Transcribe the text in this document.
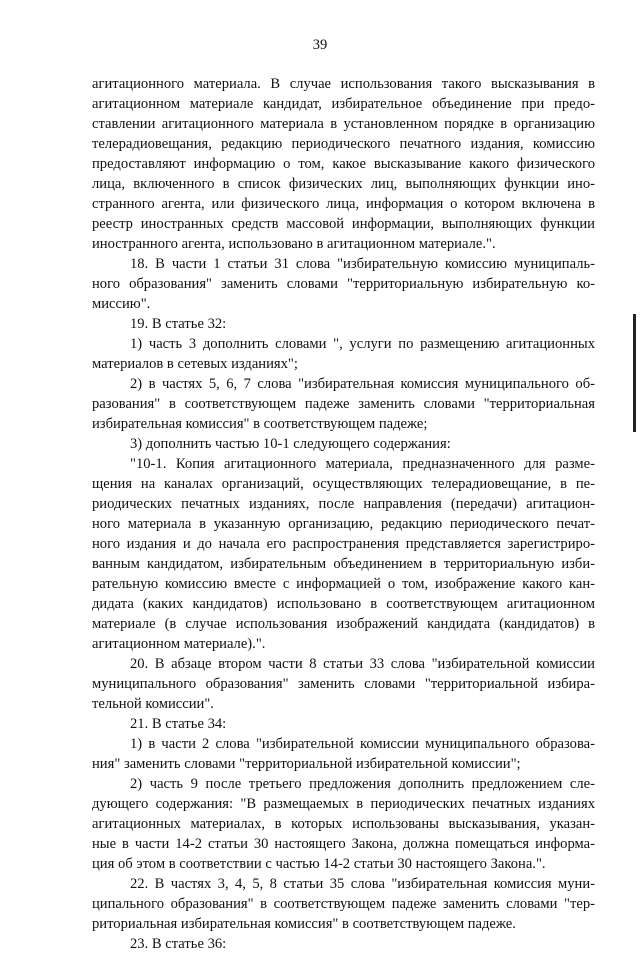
39
агитационного материала. В случае использования такого высказывания в
агитационном материале кандидат, избирательное объединение при предо-
ставлении агитационного материала в установленном порядке в организацию
телерадиовещания, редакцию периодического печатного издания, комиссию
предоставляют информацию о том, какое высказывание какого физического
лица, включенного в список физических лиц, выполняющих функции ино-
странного агента, или физического лица, информация о котором включена в
реестр иностранных средств массовой информации, выполняющих функции
иностранного агента, использовано в агитационном материале.".
18. В части 1 статьи 31 слова "избирательную комиссию муниципаль-
ного образования" заменить словами "территориальную избирательную ко-
миссию".
19. В статье 32:
1) часть 3 дополнить словами ", услуги по размещению агитационных
материалов в сетевых изданиях";
2) в частях 5, 6, 7 слова "избирательная комиссия муниципального об-
разования" в соответствующем падеже заменить словами "территориальная
избирательная комиссия" в соответствующем падеже;
3) дополнить частью 10-1 следующего содержания:
"10-1. Копия агитационного материала, предназначенного для разме-
щения на каналах организаций, осуществляющих телерадиовещание, в пе-
риодических печатных изданиях, после направления (передачи) агитацион-
ного материала в указанную организацию, редакцию периодического печат-
ного издания и до начала его распространения представляется зарегистриро-
ванным кандидатом, избирательным объединением в территориальную изби-
рательную комиссию вместе с информацией о том, изображение какого кан-
дидата (каких кандидатов) использовано в соответствующем агитационном
материале (в случае использования изображений кандидата (кандидатов) в
агитационном материале).".
20. В абзаце втором части 8 статьи 33 слова "избирательной комиссии
муниципального образования" заменить словами "территориальной избира-
тельной комиссии".
21. В статье 34:
1) в части 2 слова "избирательной комиссии муниципального образова-
ния" заменить словами "территориальной избирательной комиссии";
2) часть 9 после третьего предложения дополнить предложением сле-
дующего содержания: "В размещаемых в периодических печатных изданиях
агитационных материалах, в которых использованы высказывания, указан-
ные в части 14-2 статьи 30 настоящего Закона, должна помещаться информа-
ция об этом в соответствии с частью 14-2 статьи 30 настоящего Закона.".
22. В частях 3, 4, 5, 8 статьи 35 слова "избирательная комиссия муни-
ципального образования" в соответствующем падеже заменить словами "тер-
риториальная избирательная комиссия" в соответствующем падеже.
23. В статье 36:
